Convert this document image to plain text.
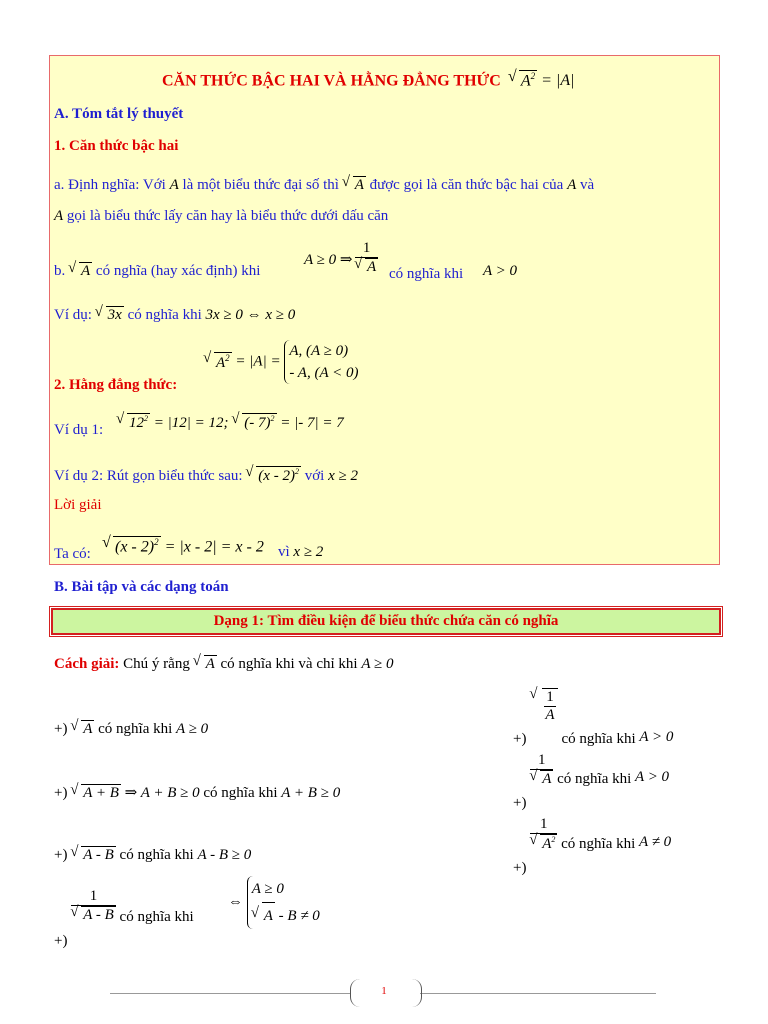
CĂN THỨC BẬC HAI VÀ HẰNG ĐẲNG THỨC √ $A^2 = |A|$
A. Tóm tắt lý thuyết
1. Căn thức bậc hai
a. Định nghĩa: Với A là một biểu thức đại số thì √ A được gọi là căn thức bậc hai của A và
A gọi là biểu thức lấy căn hay là biểu thức dưới dấu căn
b. √ A có nghĩa (hay xác định) khi
A ≥ 0 ⇒ 1
√ A có nghĩa khi A > 0
Ví dụ: √ 3x có nghĩa khi 3x ≥ 0 ⇔ x ≥ 0
√ $A^2 = |A|$ =
A, (A ≥ 0)
- A, (A < 0)
2. Hằng đẳng thức:
Ví dụ 1:	√ $12^2 = |12| = 12$; √ (- 7)$^2$ = |- 7| = 7
Ví dụ 2: Rút gọn biểu thức sau: √ (x - 2)$^2$ với x ≥ 2
Lời giải
Ta có:	√ (x - 2)$^2$ = |x - 2| = x - 2 vì x ≥ 2
B. Bài tập và các dạng toán
Dạng 1: Tìm điều kiện để biểu thức chứa căn có nghĩa
Cách giải: Chú ý rằng √ A có nghĩa khi và chỉ khi A ≥ 0
+) √ A có nghĩa khi A ≥ 0
+)
√ $\frac{1}{A}$
có nghĩa khi A > 0
+) √ A + B ⇒ A + B ≥ 0 có nghĩa khi A + B ≥ 0
+)
1
√ A có nghĩa khi A > 0
+) √ A - B có nghĩa khi A - B ≥ 0
+)
1
√ $A^2$ có nghĩa khi A ≠ 0
+)
1
√ A - B có nghĩa khi
⇔
A ≥ 0
√ A - B ≠ 0
1
